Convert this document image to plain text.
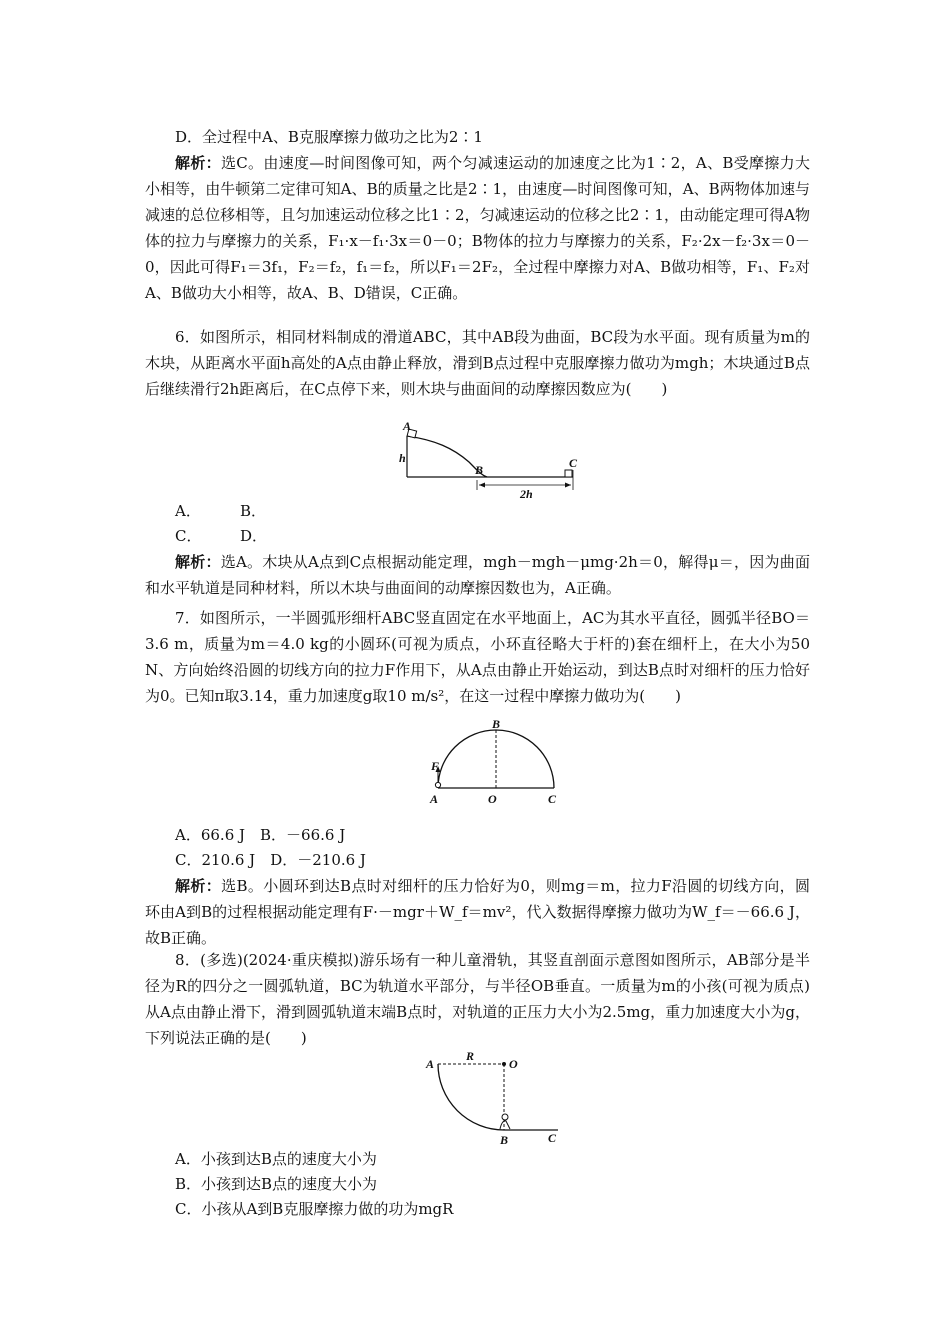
D．全过程中A、B克服摩擦力做功之比为2∶1

解析：选C。由速度—时间图像可知，两个匀减速运动的加速度之比为1∶2，A、B受摩擦力大小相等，由牛顿第二定律可知A、B的质量之比是2∶1，由速度—时间图像可知，A、B两物体加速与减速的总位移相等，且匀加速运动位移之比1∶2，匀减速运动的位移之比2∶1，由动能定理可得A物体的拉力与摩擦力的关系，F₁·x－f₁·3x＝0－0；B物体的拉力与摩擦力的关系，F₂·2x－f₂·3x＝0－0，因此可得F₁＝3f₁，F₂＝f₂，f₁＝f₂，所以F₁＝2F₂，全过程中摩擦力对A、B做功相等，F₁、F₂对A、B做功大小相等，故A、B、D错误，C正确。

6．如图所示，相同材料制成的滑道ABC，其中AB段为曲面，BC段为水平面。现有质量为m的木块，从距离水平面h高处的A点由静止释放，滑到B点过程中克服摩擦力做功为mgh；木块通过B点后继续滑行2h距离后，在C点停下来，则木块与曲面间的动摩擦因数应为(　　)

A
h
B	C
2h
A．	B．
C．	D．

解析：选A。木块从A点到C点根据动能定理，mgh－mgh－μmg·2h＝0，解得μ＝，因为曲面和水平轨道是同种材料，所以木块与曲面间的动摩擦因数也为，A正确。

7．如图所示，一半圆弧形细杆ABC竖直固定在水平地面上，AC为其水平直径，圆弧半径BO＝3.6 m，质量为m＝4.0 kg的小圆环(可视为质点，小环直径略大于杆的)套在细杆上，在大小为50 N、方向始终沿圆的切线方向的拉力F作用下，从A点由静止开始运动，到达B点时对细杆的压力恰好为0。已知π取3.14，重力加速度g取10 m/s²，在这一过程中摩擦力做功为(　　)

B
F
A	O	C
A．66.6 J　B．－66.6 J
C．210.6 J　D．－210.6 J

解析：选B。小圆环到达B点时对细杆的压力恰好为0，则mg＝m，拉力F沿圆的切线方向，圆环由A到B的过程根据动能定理有F·－mgr＋W_f＝mv²，代入数据得摩擦力做功为W_f＝－66.6 J，故B正确。

8．(多选)(2024·重庆模拟)游乐场有一种儿童滑轨，其竖直剖面示意图如图所示，AB部分是半径为R的四分之一圆弧轨道，BC为轨道水平部分，与半径OB垂直。一质量为m的小孩(可视为质点)从A点由静止滑下，滑到圆弧轨道末端B点时，对轨道的正压力大小为2.5mg，重力加速度大小为g，下列说法正确的是(　　)

A
R
O
B	C
A．小孩到达B点的速度大小为
B．小孩到达B点的速度大小为
C．小孩从A到B克服摩擦力做的功为mgR
